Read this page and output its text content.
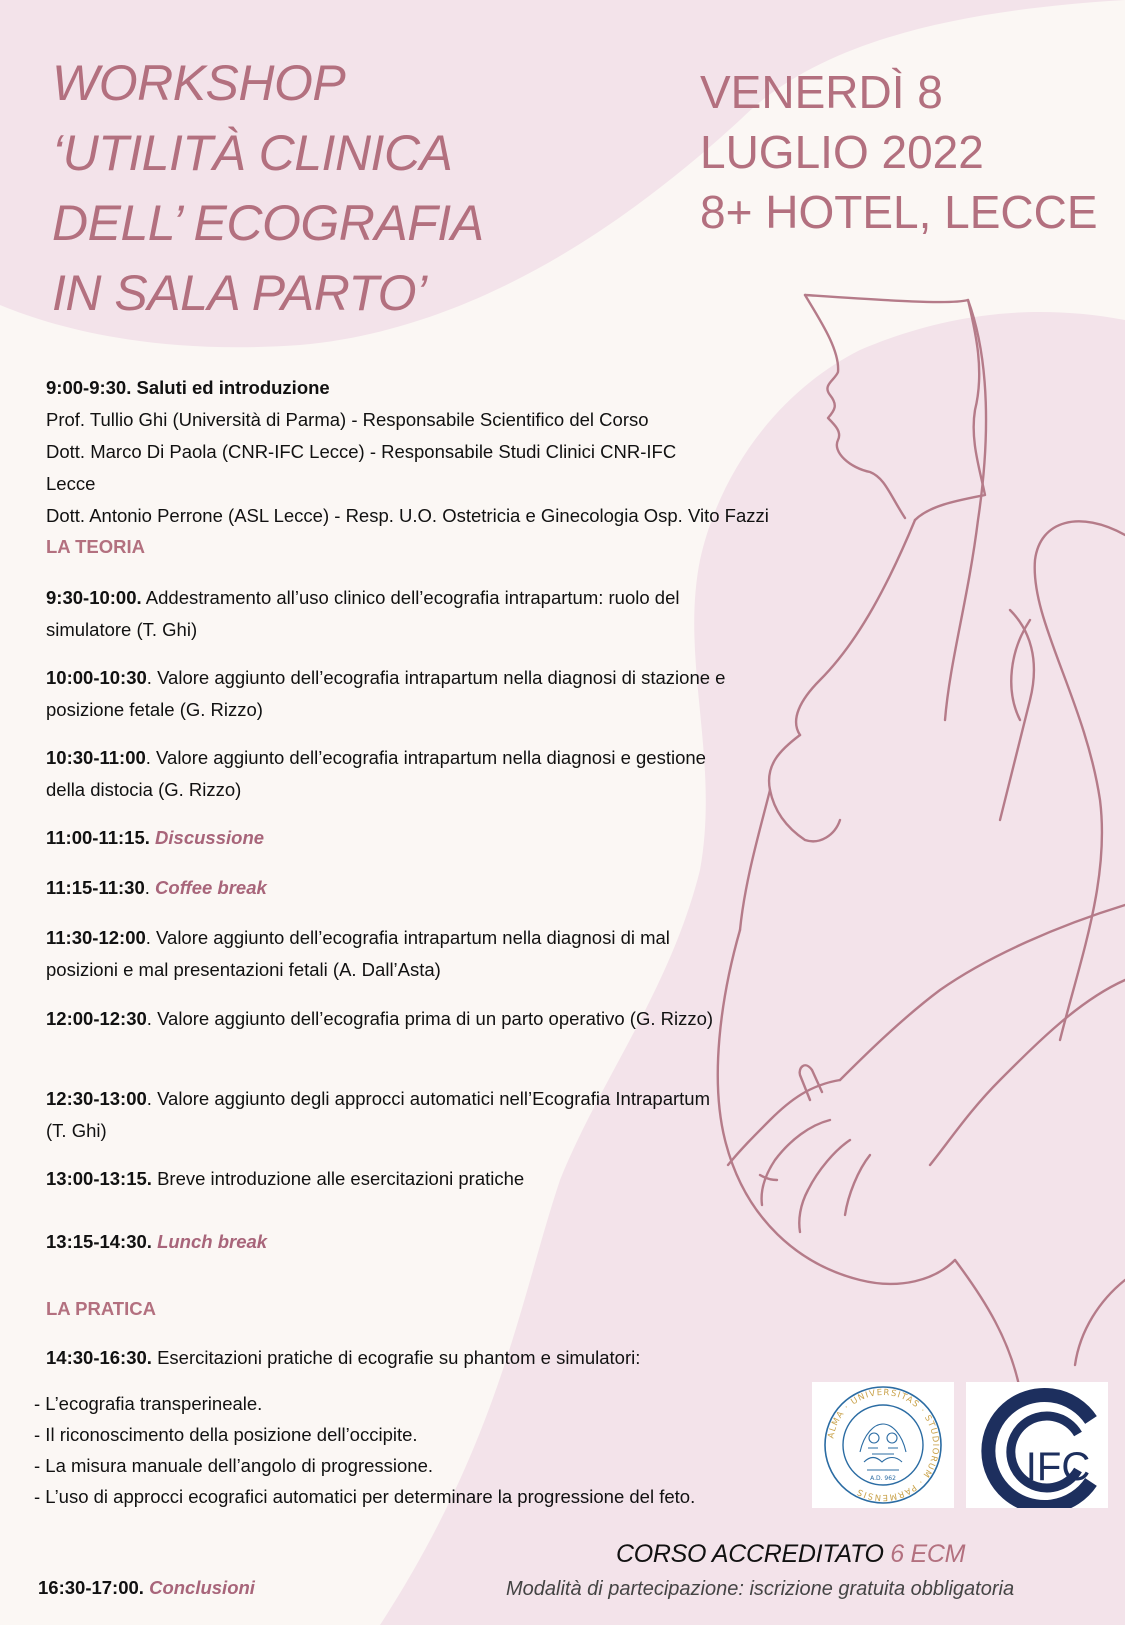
WORKSHOP
‘UTILITÀ CLINICA
DELL’ ECOGRAFIA
IN SALA PARTO’
VENERDÌ 8
LUGLIO 2022
8+ HOTEL, LECCE
9:00-9:30. Saluti ed introduzione
Prof. Tullio Ghi (Università di Parma) - Responsabile Scientifico del Corso
Dott. Marco Di Paola (CNR-IFC Lecce) - Responsabile Studi Clinici CNR-IFC Lecce
Dott. Antonio Perrone (ASL Lecce) - Resp. U.O. Ostetricia e Ginecologia Osp. Vito Fazzi

LA TEORIA

9:30-10:00. Addestramento all’uso clinico dell’ecografia intrapartum: ruolo del simulatore (T. Ghi)

10:00-10:30. Valore aggiunto dell’ecografia intrapartum nella diagnosi di stazione e posizione fetale (G. Rizzo)

10:30-11:00. Valore aggiunto dell’ecografia intrapartum nella diagnosi e gestione della distocia (G. Rizzo)

11:00-11:15. Discussione

11:15-11:30. Coffee break

11:30-12:00. Valore aggiunto dell’ecografia intrapartum nella diagnosi di mal posizioni e mal presentazioni fetali (A. Dall’Asta)

12:00-12:30. Valore aggiunto dell’ecografia prima di un parto operativo (G. Rizzo)

12:30-13:00. Valore aggiunto degli approcci automatici nell’Ecografia Intrapartum (T. Ghi)

13:00-13:15. Breve introduzione alle esercitazioni pratiche

13:15-14:30. Lunch break

LA PRATICA

14:30-16:30. Esercitazioni pratiche di ecografie su phantom e simulatori:

- L’ecografia transperineale.
- Il riconoscimento della posizione dell’occipite.
- La misura manuale dell’angolo di progressione.
- L’uso di approcci ecografici automatici per determinare la progressione del feto.

16:30-17:00. Conclusioni

ALMA · UNIVERSITAS · STUDIORUM · PARMENSIS
A.D. 962	IFC
CORSO ACCREDITATO 6 ECM
Modalità di partecipazione: iscrizione gratuita obbligatoria
